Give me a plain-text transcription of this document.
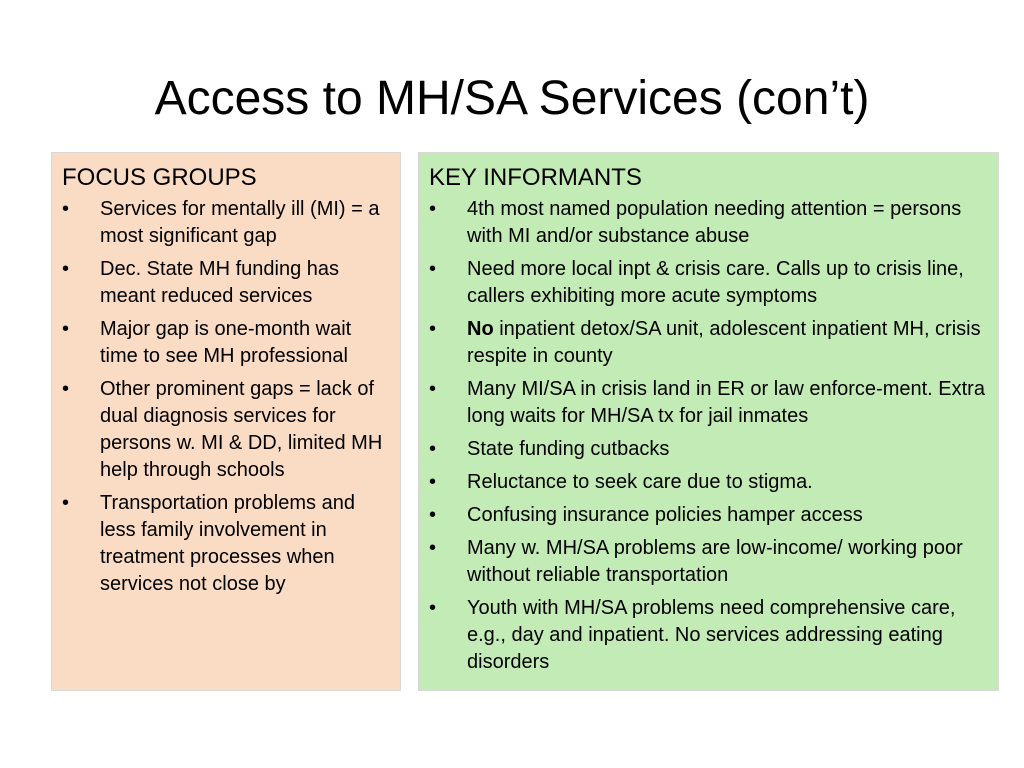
Access to MH/SA Services (con’t)
FOCUS GROUPS
•	Services for mentally ill (MI) = a most significant gap
•	Dec. State MH funding has meant reduced services
•	Major gap is one-month wait time to see MH professional
•	Other prominent gaps = lack of dual diagnosis services for persons w. MI & DD, limited MH help through schools
•	Transportation problems and less family involvement in treatment processes when services not close by
KEY INFORMANTS
•	4th most named population needing attention = persons with MI and/or substance abuse
•	Need more local inpt & crisis care. Calls up to crisis line, callers exhibiting more acute symptoms
•	No inpatient detox/SA unit, adolescent inpatient MH, crisis respite in county
•	Many MI/SA in crisis land in ER or law enforce-ment. Extra long waits for MH/SA tx for jail inmates
•	State funding cutbacks
•	Reluctance to seek care due to stigma.
•	Confusing insurance policies hamper access
•	Many w. MH/SA problems are low-income/ working poor without reliable transportation
•	Youth with MH/SA problems need comprehensive care, e.g., day and inpatient. No services addressing eating disorders
